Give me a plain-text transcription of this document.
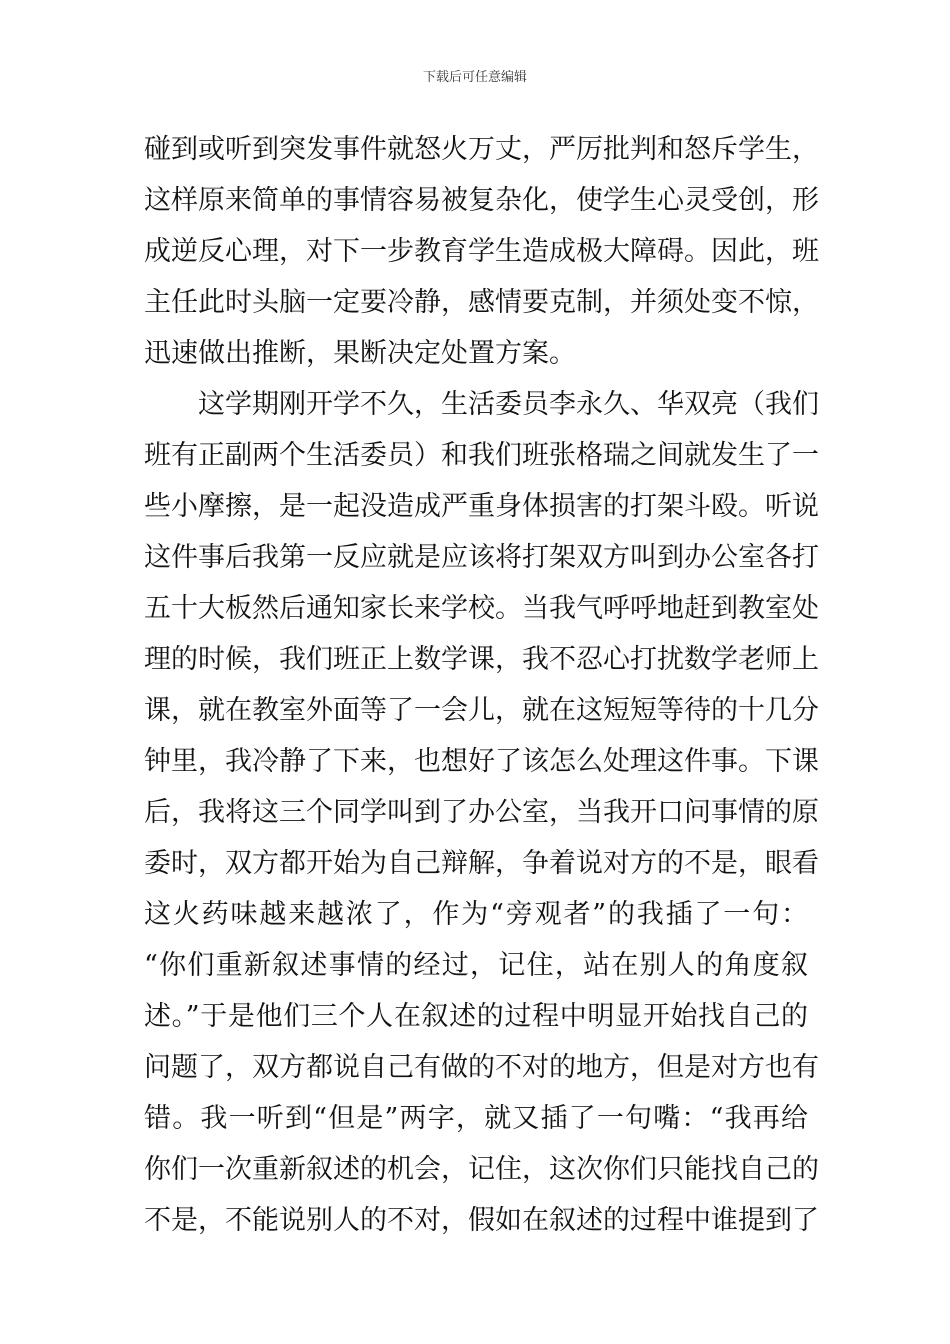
下载后可任意编辑
碰到或听到突发事件就怒火万丈，严厉批判和怒斥学生，
这样原来简单的事情容易被复杂化，使学生心灵受创，形
成逆反心理，对下一步教育学生造成极大障碍。因此，班
主任此时头脑一定要冷静，感情要克制，并须处变不惊，
迅速做出推断，果断决定处置方案。
　　这学期刚开学不久，生活委员李永久、华双亮（我们
班有正副两个生活委员）和我们班张格瑞之间就发生了一
些小摩擦，是一起没造成严重身体损害的打架斗殴。听说
这件事后我第一反应就是应该将打架双方叫到办公室各打
五十大板然后通知家长来学校。当我气呼呼地赶到教室处
理的时候，我们班正上数学课，我不忍心打扰数学老师上
课，就在教室外面等了一会儿，就在这短短等待的十几分
钟里，我冷静了下来，也想好了该怎么处理这件事。下课
后，我将这三个同学叫到了办公室，当我开口问事情的原
委时，双方都开始为自己辩解，争着说对方的不是，眼看
这火药味越来越浓了，作为“旁观者”的我插了一句：
“你们重新叙述事情的经过，记住，站在别人的角度叙
述。”于是他们三个人在叙述的过程中明显开始找自己的
问题了，双方都说自己有做的不对的地方，但是对方也有
错。我一听到“但是”两字，就又插了一句嘴：“我再给
你们一次重新叙述的机会，记住，这次你们只能找自己的
不是，不能说别人的不对，假如在叙述的过程中谁提到了
